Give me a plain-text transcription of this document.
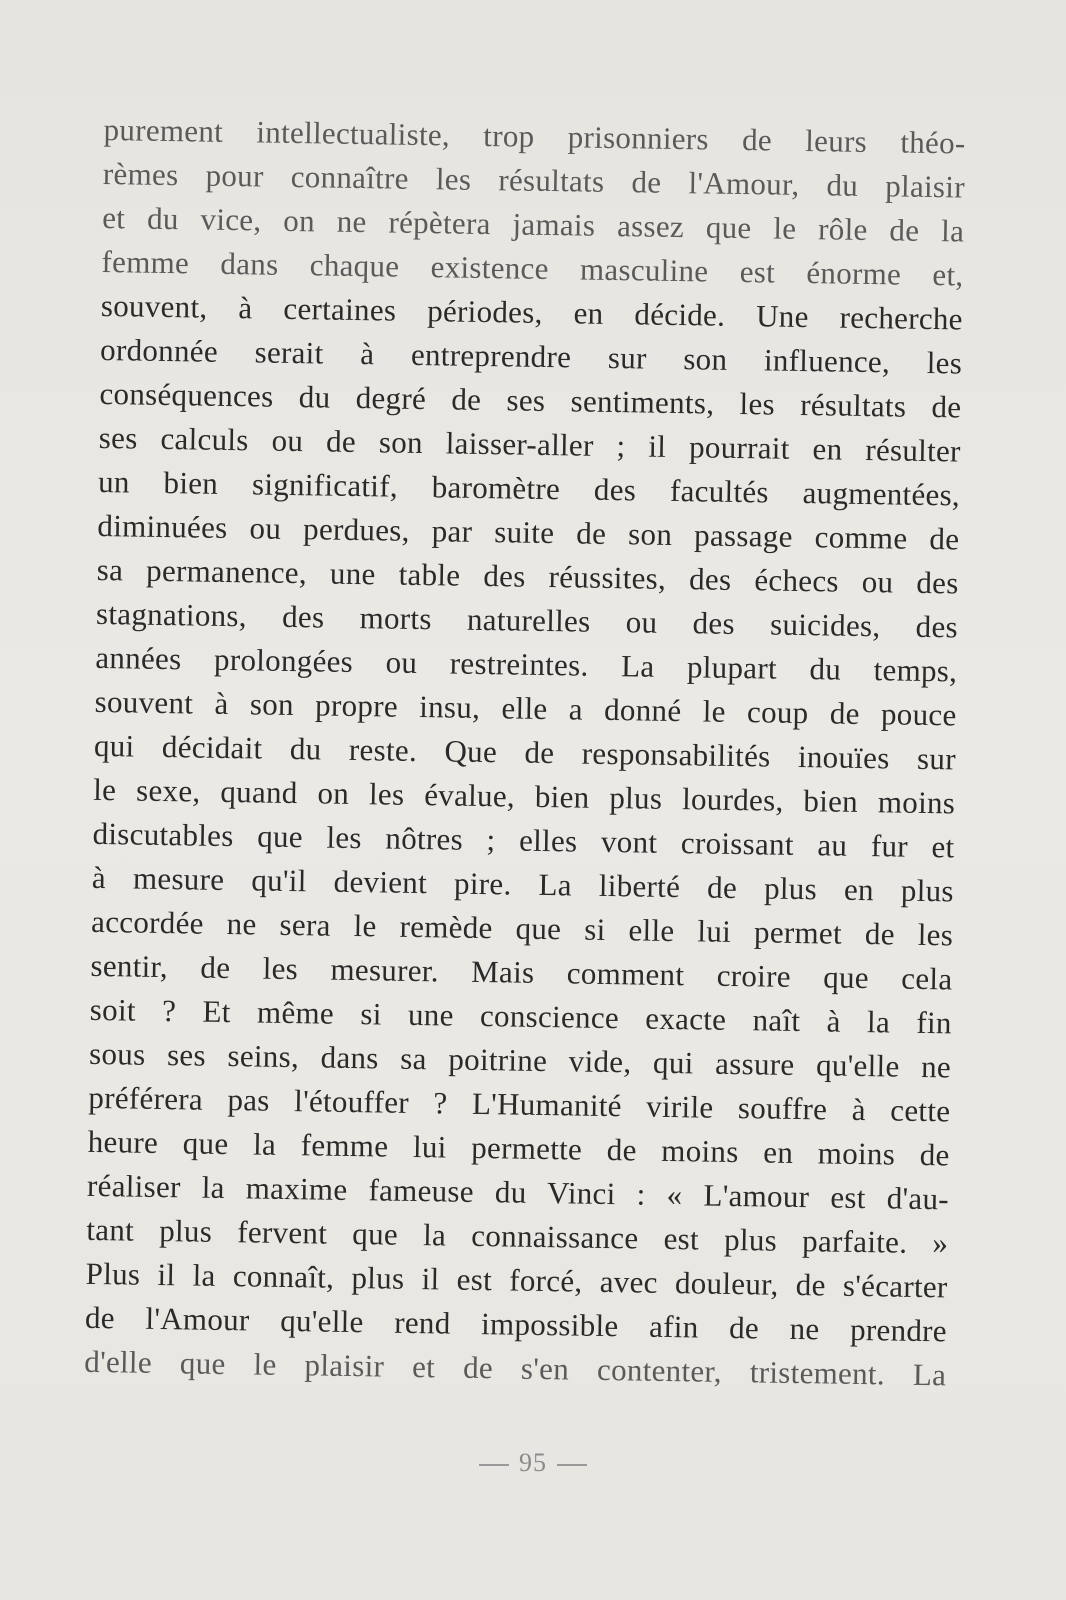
purement intellectualiste, trop prisonniers de leurs théo-
rèmes pour connaître les résultats de l'Amour, du plaisir
et du vice, on ne répètera jamais assez que le rôle de la
femme dans chaque existence masculine est énorme et,
souvent, à certaines périodes, en décide. Une recherche
ordonnée serait à entreprendre sur son influence, les
conséquences du degré de ses sentiments, les résultats de
ses calculs ou de son laisser-aller ; il pourrait en résulter
un bien significatif, baromètre des facultés augmentées,
diminuées ou perdues, par suite de son passage comme de
sa permanence, une table des réussites, des échecs ou des
stagnations, des morts naturelles ou des suicides, des
années prolongées ou restreintes. La plupart du temps,
souvent à son propre insu, elle a donné le coup de pouce
qui décidait du reste. Que de responsabilités inouïes sur
le sexe, quand on les évalue, bien plus lourdes, bien moins
discutables que les nôtres ; elles vont croissant au fur et
à mesure qu'il devient pire. La liberté de plus en plus
accordée ne sera le remède que si elle lui permet de les
sentir, de les mesurer. Mais comment croire que cela
soit ? Et même si une conscience exacte naît à la fin
sous ses seins, dans sa poitrine vide, qui assure qu'elle ne
préférera pas l'étouffer ? L'Humanité virile souffre à cette
heure que la femme lui permette de moins en moins de
réaliser la maxime fameuse du Vinci : « L'amour est d'au-
tant plus fervent que la connaissance est plus parfaite. »
Plus il la connaît, plus il est forcé, avec douleur, de s'écarter
de l'Amour qu'elle rend impossible afin de ne prendre
d'elle que le plaisir et de s'en contenter, tristement. La
95
